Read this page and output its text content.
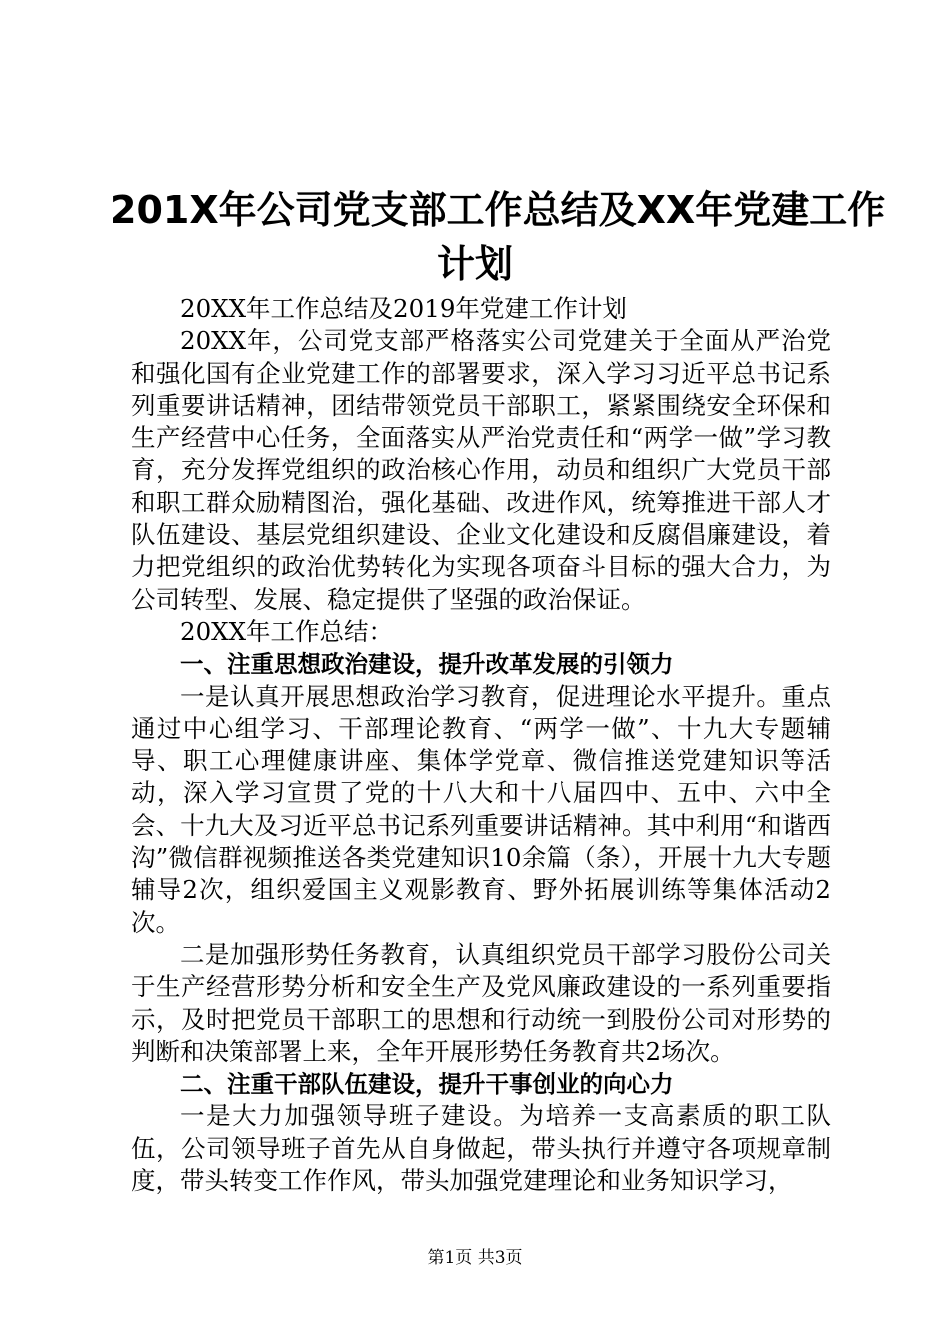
201X年公司党支部工作总结及XX年党建工作
计划

20XX年工作总结及2019年党建工作计划

20XX年，公司党支部严格落实公司党建关于全面从严治党和强化国有企业党建工作的部署要求，深入学习习近平总书记系列重要讲话精神，团结带领党员干部职工，紧紧围绕安全环保和生产经营中心任务，全面落实从严治党责任和“两学一做”学习教育，充分发挥党组织的政治核心作用，动员和组织广大党员干部和职工群众励精图治，强化基础、改进作风，统筹推进干部人才队伍建设、基层党组织建设、企业文化建设和反腐倡廉建设，着力把党组织的政治优势转化为实现各项奋斗目标的强大合力，为公司转型、发展、稳定提供了坚强的政治保证。

20XX年工作总结：

一、注重思想政治建设，提升改革发展的引领力

一是认真开展思想政治学习教育，促进理论水平提升。重点通过中心组学习、干部理论教育、“两学一做”、十九大专题辅导、职工心理健康讲座、集体学党章、微信推送党建知识等活动，深入学习宣贯了党的十八大和十八届四中、五中、六中全会、十九大及习近平总书记系列重要讲话精神。其中利用“和谐西沟”微信群视频推送各类党建知识10余篇（条），开展十九大专题辅导2次，组织爱国主义观影教育、野外拓展训练等集体活动2次。

二是加强形势任务教育，认真组织党员干部学习股份公司关于生产经营形势分析和安全生产及党风廉政建设的一系列重要指示，及时把党员干部职工的思想和行动统一到股份公司对形势的判断和决策部署上来，全年开展形势任务教育共2场次。

二、注重干部队伍建设，提升干事创业的向心力

一是大力加强领导班子建设。为培养一支高素质的职工队伍，公司领导班子首先从自身做起，带头执行并遵守各项规章制度，带头转变工作作风，带头加强党建理论和业务知识学习，

第1页 共3页
